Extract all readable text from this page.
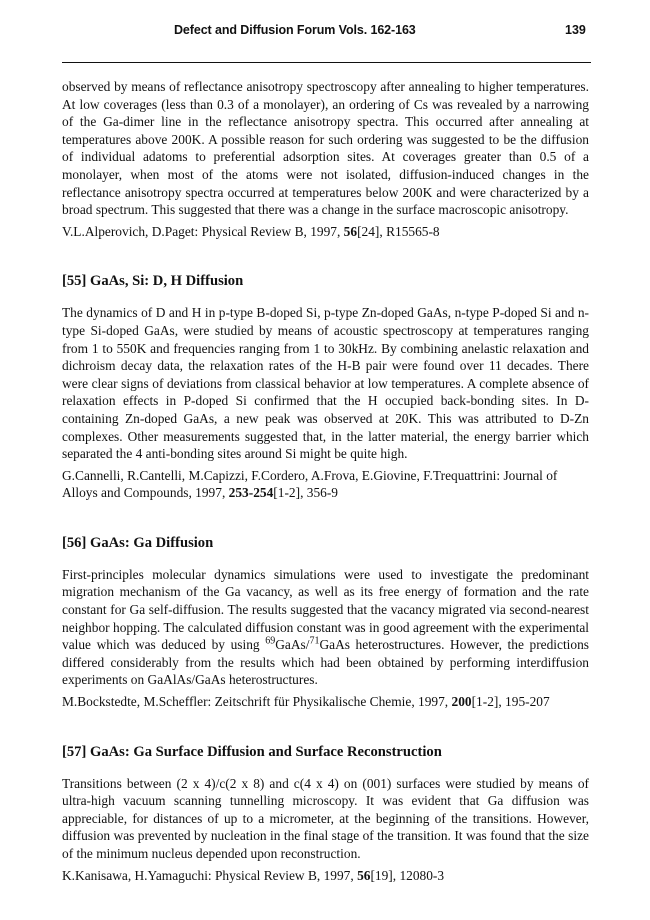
Defect and Diffusion Forum Vols. 162-163	139

observed by means of reflectance anisotropy spectroscopy after annealing to higher temperatures. At low coverages (less than 0.3 of a monolayer), an ordering of Cs was revealed by a narrowing of the Ga-dimer line in the reflectance anisotropy spectra. This occurred after annealing at temperatures above 200K. A possible reason for such ordering was suggested to be the diffusion of individual adatoms to preferential adsorption sites. At coverages greater than 0.5 of a monolayer, when most of the atoms were not isolated, diffusion-induced changes in the reflectance anisotropy spectra occurred at temperatures below 200K and were characterized by a broad spectrum. This suggested that there was a change in the surface macroscopic anisotropy.

V.L.Alperovich, D.Paget: Physical Review B, 1997, 56[24], R15565-8

[55] GaAs, Si: D, H Diffusion

The dynamics of D and H in p-type B-doped Si, p-type Zn-doped GaAs, n-type P-doped Si and n-type Si-doped GaAs, were studied by means of acoustic spectroscopy at temperatures ranging from 1 to 550K and frequencies ranging from 1 to 30kHz. By combining anelastic relaxation and dichroism decay data, the relaxation rates of the H-B pair were found over 11 decades. There were clear signs of deviations from classical behavior at low temperatures. A complete absence of relaxation effects in P-doped Si confirmed that the H occupied back-bonding sites. In D-containing Zn-doped GaAs, a new peak was observed at 20K. This was attributed to D-Zn complexes. Other measurements suggested that, in the latter material, the energy barrier which separated the 4 anti-bonding sites around Si might be quite high.

G.Cannelli, R.Cantelli, M.Capizzi, F.Cordero, A.Frova, E.Giovine, F.Trequattrini: Journal of Alloys and Compounds, 1997, 253-254[1-2], 356-9

[56] GaAs: Ga Diffusion

First-principles molecular dynamics simulations were used to investigate the predominant migration mechanism of the Ga vacancy, as well as its free energy of formation and the rate constant for Ga self-diffusion. The results suggested that the vacancy migrated via second-nearest neighbor hopping. The calculated diffusion constant was in good agreement with the experimental value which was deduced by using $^{69}$GaAs/$^{71}$GaAs heterostructures. However, the predictions differed considerably from the results which had been obtained by performing interdiffusion experiments on GaAlAs/GaAs heterostructures.

M.Bockstedte, M.Scheffler: Zeitschrift für Physikalische Chemie, 1997, 200[1-2], 195-207

[57] GaAs: Ga Surface Diffusion and Surface Reconstruction

Transitions between (2 x 4)/c(2 x 8) and c(4 x 4) on (001) surfaces were studied by means of ultra-high vacuum scanning tunnelling microscopy. It was evident that Ga diffusion was appreciable, for distances of up to a micrometer, at the beginning of the transitions. However, diffusion was prevented by nucleation in the final stage of the transition. It was found that the size of the minimum nucleus depended upon reconstruction.

K.Kanisawa, H.Yamaguchi: Physical Review B, 1997, 56[19], 12080-3
